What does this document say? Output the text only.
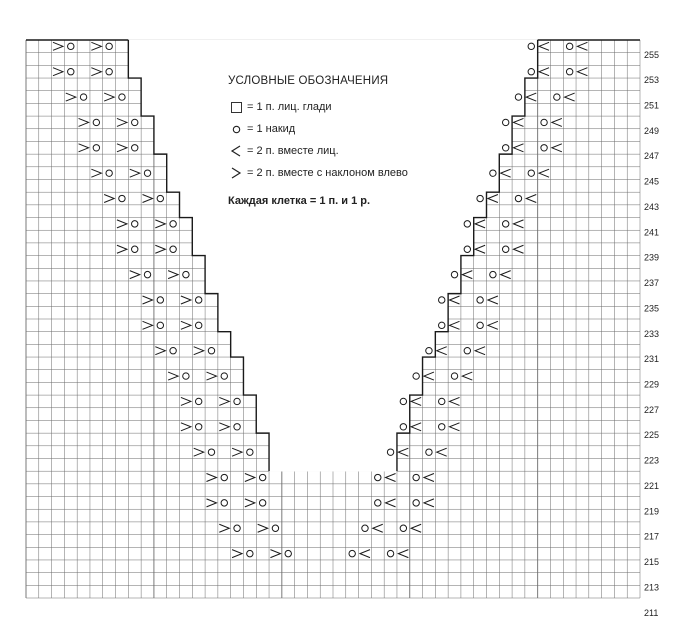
255
253
251
249
247
245
243
241
239
237
235
233
231
229
227
225
223
221
219
217
215
213
211
УСЛОВНЫЕ ОБОЗНАЧЕНИЯ
= 1 п. лиц. глади
= 1 накид
= 2 п. вместе лиц.
= 2 п. вместе с наклоном влево
Каждая клетка = 1 п. и 1 р.
